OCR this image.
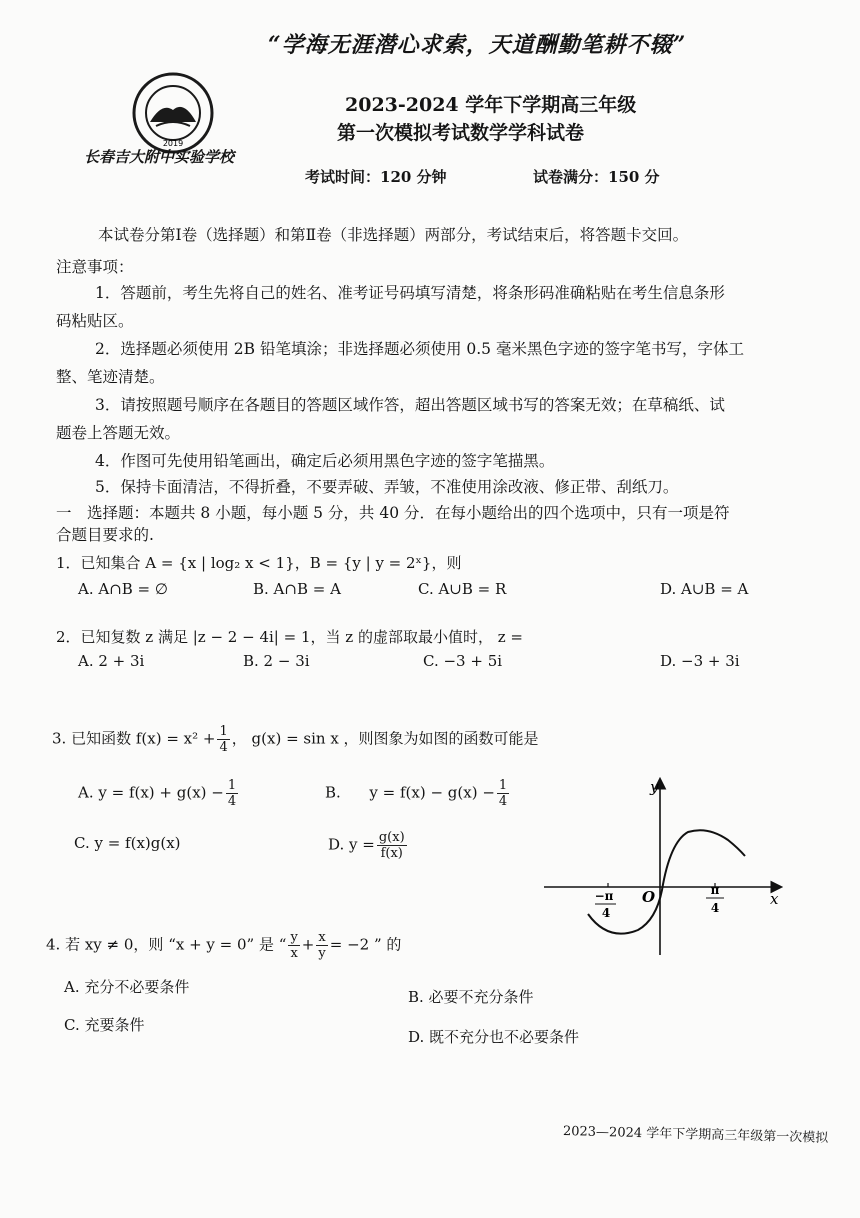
“学海无涯潜心求索，天道酬勤笔耕不辍”
2019
长春吉大附中实验学校
2023-2024 学年下学期高三年级
第一次模拟考试数学学科试卷
考试时间：120 分钟	试卷满分：150 分
本试卷分第Ⅰ卷（选择题）和第Ⅱ卷（非选择题）两部分，考试结束后，将答题卡交回。
注意事项：
1．答题前，考生先将自己的姓名、准考证号码填写清楚，将条形码准确粘贴在考生信息条形
码粘贴区。
2．选择题必须使用 2B 铅笔填涂；非选择题必须使用 0.5 毫米黑色字迹的签字笔书写，字体工
整、笔迹清楚。
3．请按照题号顺序在各题目的答题区域作答，超出答题区域书写的答案无效；在草稿纸、试
题卷上答题无效。
4．作图可先使用铅笔画出，确定后必须用黑色字迹的签字笔描黑。
5．保持卡面清洁，不得折叠，不要弄破、弄皱，不准使用涂改液、修正带、刮纸刀。
一　选择题：本题共 8 小题，每小题 5 分，共 40 分．在每小题给出的四个选项中，只有一项是符
合题目要求的.
1．已知集合 A = {x | log₂ x < 1}，B = {y | y = 2ˣ}，则
A. A∩B = ∅	B. A∩B = A	C. A∪B = R	D. A∪B = A
2．已知复数 z 满足 |z − 2 − 4i| = 1，当 z 的虚部取最小值时， z =
A. 2 + 3i	B. 2 − 3i	C. −3 + 5i	D. −3 + 3i
3. 已知函数 $f(x) = x^2 + \frac{1}{4}$ ， g(x) = sin x ，则图象为如图的函数可能是
A. $y = f(x) + g(x) - \frac{1}{4}$	B. $y = f(x) - g(x) - \frac{1}{4}$
C. y = f(x)g(x)	D. $y = \frac{g(x)}{f(x)}$
y
x
O
−π
4
π
4
4. 若 xy ≠ 0，则 “x + y = 0” 是 “ $\frac{y}{x} + \frac{x}{y} = -2$ ” 的
A. 充分不必要条件
B. 必要不充分条件
C. 充要条件
D. 既不充分也不必要条件
2023—2024 学年下学期高三年级第一次模拟
